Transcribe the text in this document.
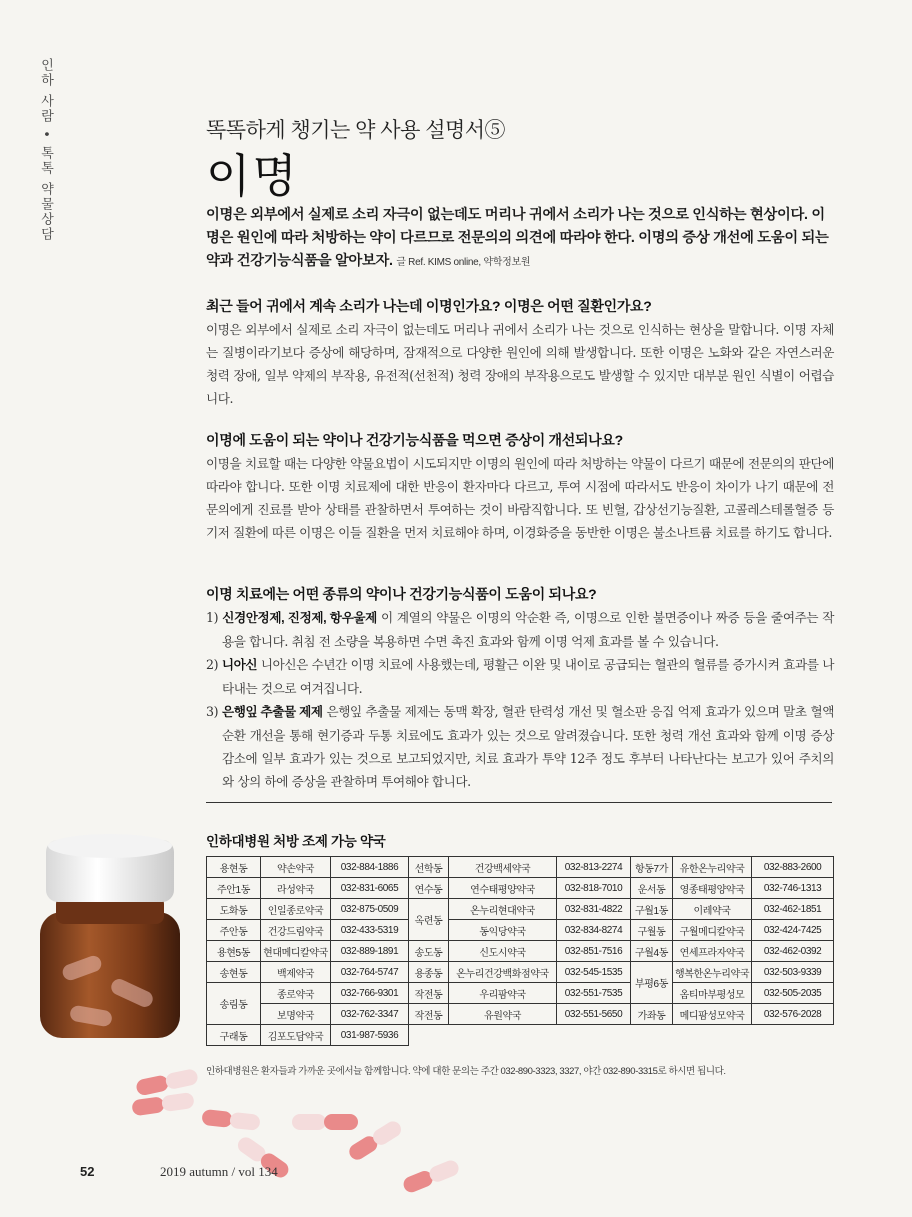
인하 사람 • 톡톡 약물상담	똑똑하게 챙기는 약 사용 설명서⑤
이명
이명은 외부에서 실제로 소리 자극이 없는데도 머리나 귀에서 소리가 나는 것으로 인식하는 현상이다. 이명은 원인에 따라 처방하는 약이 다르므로 전문의의 의견에 따라야 한다. 이명의 증상 개선에 도움이 되는 약과 건강기능식품을 알아보자. 글 Ref. KIMS online, 약학정보원
최근 들어 귀에서 계속 소리가 나는데 이명인가요? 이명은 어떤 질환인가요?

이명은 외부에서 실제로 소리 자극이 없는데도 머리나 귀에서 소리가 나는 것으로 인식하는 현상을 말합니다. 이명 자체는 질병이라기보다 증상에 해당하며, 잠재적으로 다양한 원인에 의해 발생합니다. 또한 이명은 노화와 같은 자연스러운 청력 장애, 일부 약제의 부작용, 유전적(선천적) 청력 장애의 부작용으로도 발생할 수 있지만 대부분 원인 식별이 어렵습니다.

이명에 도움이 되는 약이나 건강기능식품을 먹으면 증상이 개선되나요?

이명을 치료할 때는 다양한 약물요법이 시도되지만 이명의 원인에 따라 처방하는 약물이 다르기 때문에 전문의의 판단에 따라야 합니다. 또한 이명 치료제에 대한 반응이 환자마다 다르고, 투여 시점에 따라서도 반응이 차이가 나기 때문에 전문의에게 진료를 받아 상태를 관찰하면서 투여하는 것이 바람직합니다. 또 빈혈, 갑상선기능질환, 고콜레스테롤혈증 등 기저 질환에 따른 이명은 이들 질환을 먼저 치료해야 하며, 이경화증을 동반한 이명은 불소나트륨 치료를 하기도 합니다.

이명 치료에는 어떤 종류의 약이나 건강기능식품이 도움이 되나요?
1) 신경안정제, 진정제, 항우울제 이 계열의 약물은 이명의 악순환 즉, 이명으로 인한 불면증이나 짜증 등을 줄여주는 작용을 합니다. 취침 전 소량을 복용하면 수면 촉진 효과와 함께 이명 억제 효과를 볼 수 있습니다.
2) 니아신 니아신은 수년간 이명 치료에 사용했는데, 평활근 이완 및 내이로 공급되는 혈관의 혈류를 증가시켜 효과를 나타내는 것으로 여겨집니다.
3) 은행잎 추출물 제제 은행잎 추출물 제제는 동맥 확장, 혈관 탄력성 개선 및 혈소판 응집 억제 효과가 있으며 말초 혈액순환 개선을 통해 현기증과 두통 치료에도 효과가 있는 것으로 알려졌습니다. 또한 청력 개선 효과와 함께 이명 증상 감소에 일부 효과가 있는 것으로 보고되었지만, 치료 효과가 투약 12주 정도 후부터 나타난다는 보고가 있어 주치의와 상의 하에 증상을 관찰하며 투여해야 합니다.
인하대병원 처방 조제 가능 약국
용현동	약손약국	032-884-1886	선학동	건강백세약국	032-813-2274	항동7가	유한온누리약국	032-883-2600
주안1동	라성약국	032-831-6065	연수동	연수태평양약국	032-818-7010	운서동	영종태평양약국	032-746-1313
도화동	인일종로약국	032-875-0509	옥련동	온누리현대약국	032-831-4822	구월1동	이레약국	032-462-1851
주안동	건강드림약국	032-433-5319		동익당약국	032-834-8274	구월동	구월메디칼약국	032-424-7425
용현5동	현대메디칼약국	032-889-1891	송도동	신도시약국	032-851-7516	구월4동	연세프라자약국	032-462-0392
송현동	백제약국	032-764-5747	용종동	온누리건강백화점약국	032-545-1535	부평6동	행복한온누리약국	032-503-9339
송림동	종로약국	032-766-9301	작전동	우리팜약국	032-551-7535		옴티마부평성모	032-505-2035
	보명약국	032-762-3347	작전동	유원약국	032-551-5650	가좌동	메디팜성모약국	032-576-2028
구래동	김포도담약국	031-987-5936						
인하대병원은 환자들과 가까운 곳에서늘 함께합니다. 약에 대한 문의는 주간 032-890-3323, 3327, 야간 032-890-3315로 하시면 됩니다.
52	2019 autumn / vol 134
